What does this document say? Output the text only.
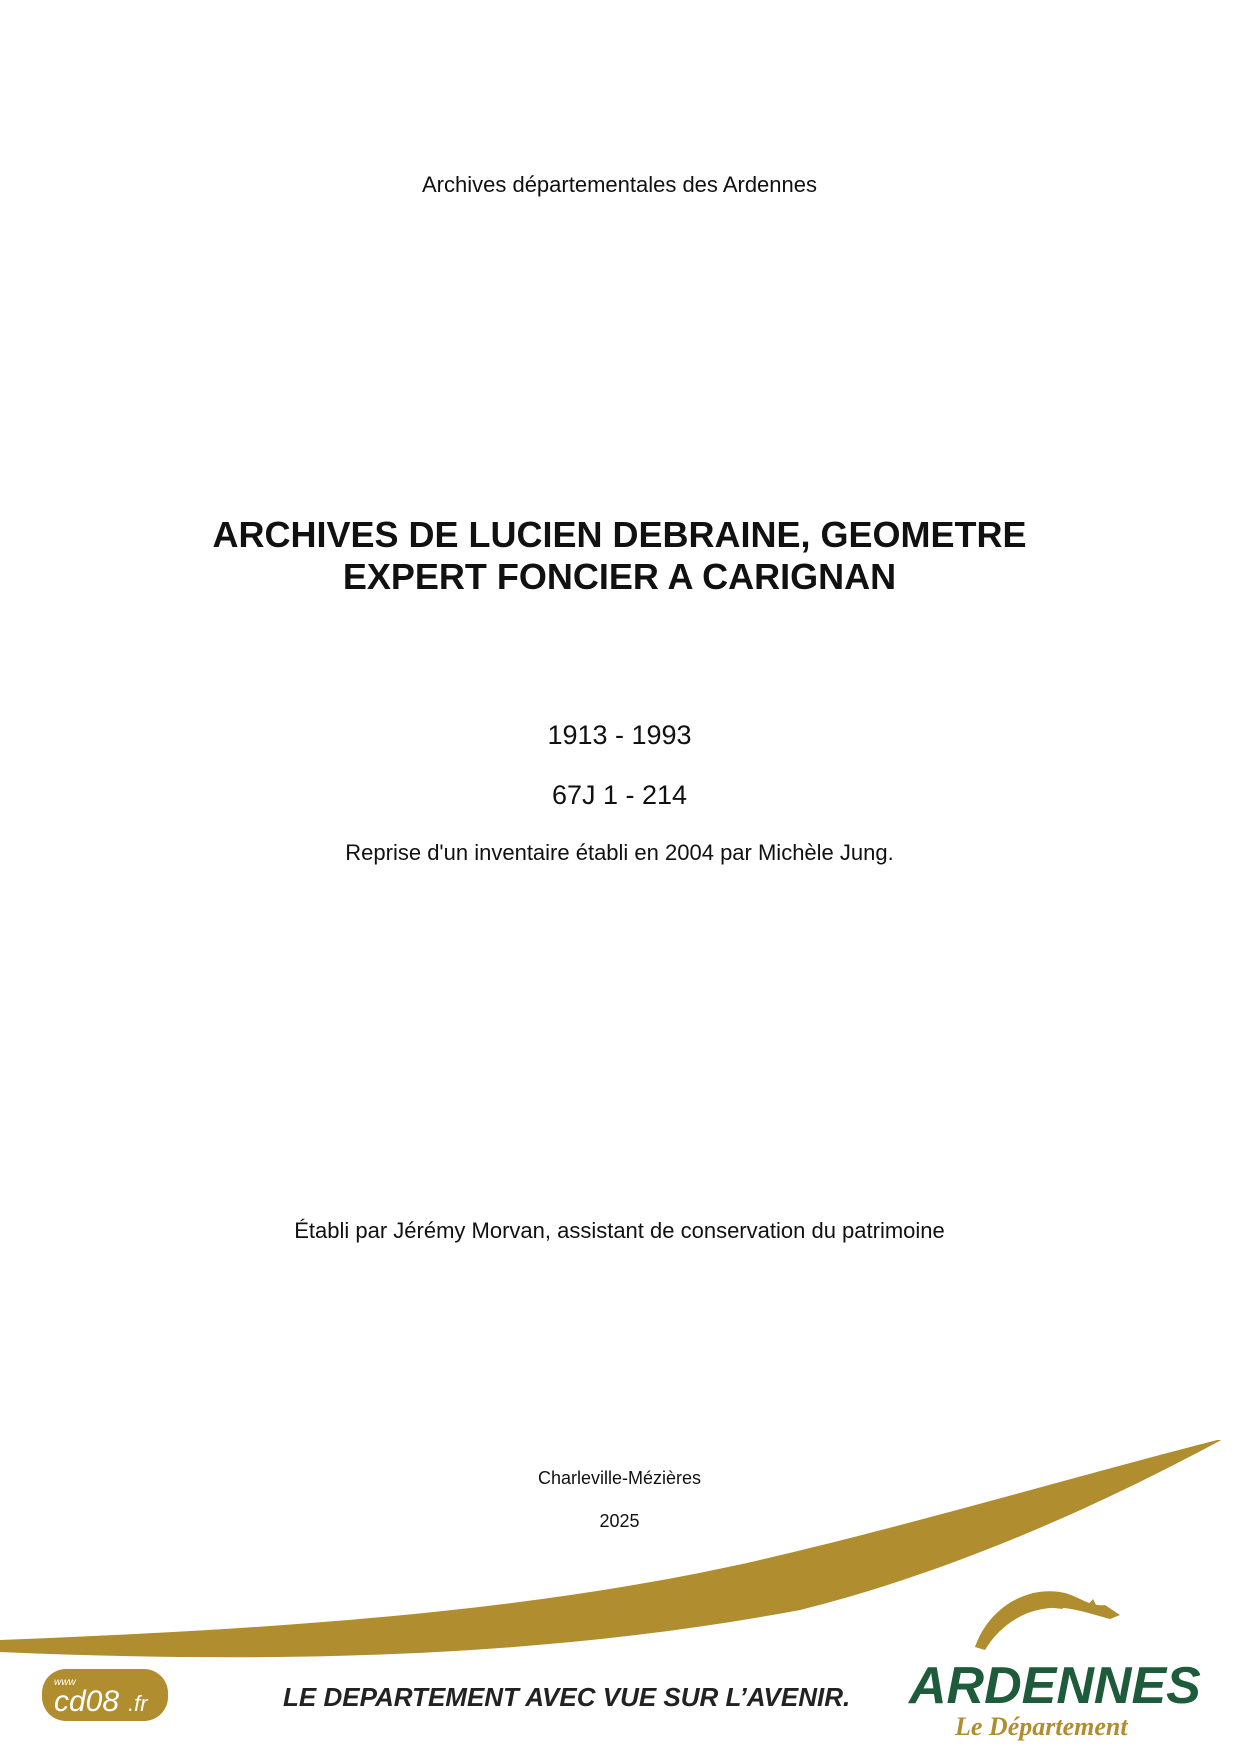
Archives départementales des Ardennes
ARCHIVES DE LUCIEN DEBRAINE, GEOMETRE
EXPERT FONCIER A CARIGNAN
1913 - 1993
67J 1 - 214
Reprise d'un inventaire établi en 2004 par Michèle Jung.
Établi par Jérémy Morvan, assistant de conservation du patrimoine
Charleville-Mézières
2025
www
cd08 .fr	LE DEPARTEMENT AVEC VUE SUR L’AVENIR. ARDENNES
Le Département
